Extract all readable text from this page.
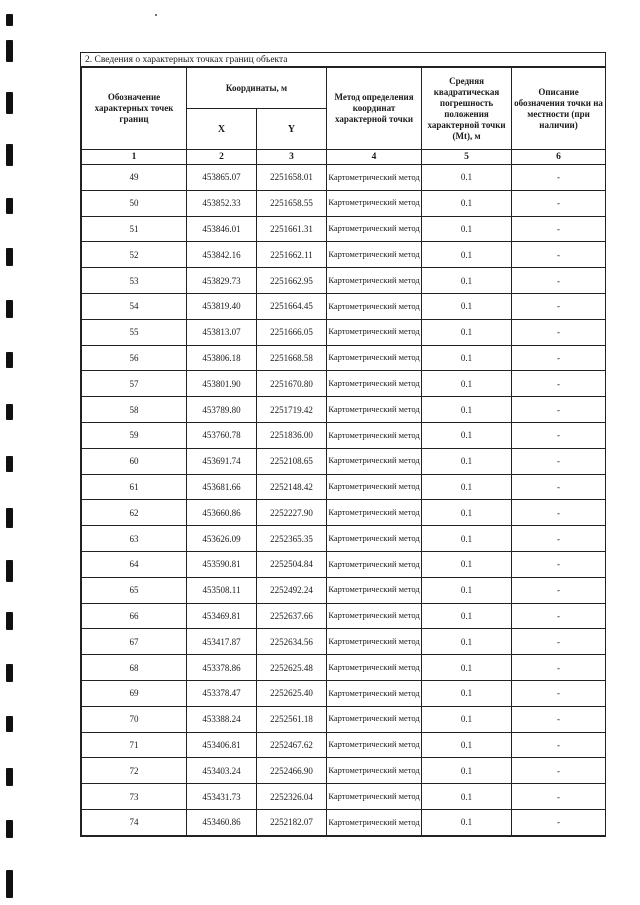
2. Сведения о характерных точках границ объекта
Обозначение характерных точек границ	Координаты, м		Метод определения координат характерной точки	Средняя квадратическая погрешность положения характерной точки (Mt), м	Описание обозначения точки на местности (при наличии)
	X	Y			
1	2	3	4	5	6
49	453865.07	2251658.01	Картометрический метод	0.1	-
50	453852.33	2251658.55	Картометрический метод	0.1	-
51	453846.01	2251661.31	Картометрический метод	0.1	-
52	453842.16	2251662.11	Картометрический метод	0.1	-
53	453829.73	2251662.95	Картометрический метод	0.1	-
54	453819.40	2251664.45	Картометрический метод	0.1	-
55	453813.07	2251666.05	Картометрический метод	0.1	-
56	453806.18	2251668.58	Картометрический метод	0.1	-
57	453801.90	2251670.80	Картометрический метод	0.1	-
58	453789.80	2251719.42	Картометрический метод	0.1	-
59	453760.78	2251836.00	Картометрический метод	0.1	-
60	453691.74	2252108.65	Картометрический метод	0.1	-
61	453681.66	2252148.42	Картометрический метод	0.1	-
62	453660.86	2252227.90	Картометрический метод	0.1	-
63	453626.09	2252365.35	Картометрический метод	0.1	-
64	453590.81	2252504.84	Картометрический метод	0.1	-
65	453508.11	2252492.24	Картометрический метод	0.1	-
66	453469.81	2252637.66	Картометрический метод	0.1	-
67	453417.87	2252634.56	Картометрический метод	0.1	-
68	453378.86	2252625.48	Картометрический метод	0.1	-
69	453378.47	2252625.40	Картометрический метод	0.1	-
70	453388.24	2252561.18	Картометрический метод	0.1	-
71	453406.81	2252467.62	Картометрический метод	0.1	-
72	453403.24	2252466.90	Картометрический метод	0.1	-
73	453431.73	2252326.04	Картометрический метод	0.1	-
74	453460.86	2252182.07	Картометрический метод	0.1	-
